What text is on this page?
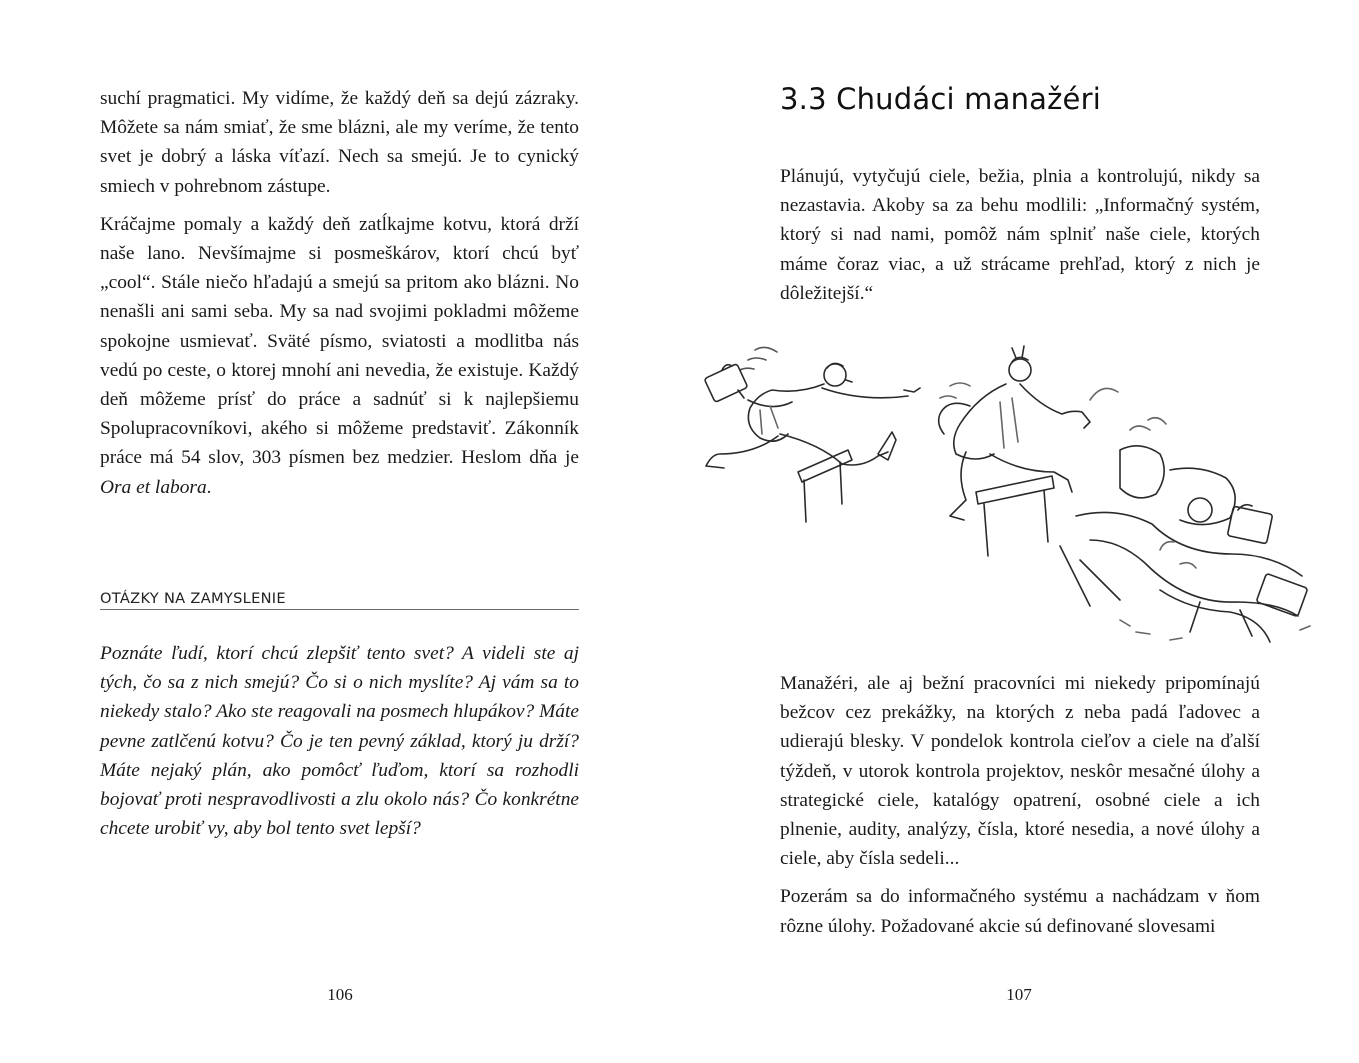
suchí pragmatici. My vidíme, že každý deň sa dejú zázraky. Môžete sa nám smiať, že sme blázni, ale my veríme, že tento svet je dobrý a láska víťazí. Nech sa smejú. Je to cynický smiech v pohrebnom zástupe.

Kráčajme pomaly a každý deň zatĺkajme kotvu, ktorá drží naše lano. Nevšímajme si posmeškárov, ktorí chcú byť „cool“. Stále niečo hľadajú a smejú sa pritom ako blázni. No nenašli ani sami seba. My sa nad svojimi pokladmi môžeme spokojne usmievať. Sväté písmo, sviatosti a modlitba nás vedú po ceste, o ktorej mnohí ani nevedia, že existuje. Každý deň môžeme prísť do práce a sadnúť si k najlepšiemu Spolupracovníkovi, akého si môžeme predstaviť. Zákonník práce má 54 slov, 303 písmen bez medzier. Heslom dňa je Ora et labora.

OTÁZKY NA ZAMYSLENIE

Poznáte ľudí, ktorí chcú zlepšiť tento svet? A videli ste aj tých, čo sa z nich smejú? Čo si o nich myslíte? Aj vám sa to niekedy stalo? Ako ste reagovali na posmech hlupákov? Máte pevne zatlčenú kotvu? Čo je ten pevný základ, ktorý ju drží? Máte nejaký plán, ako pomôcť ľuďom, ktorí sa rozhodli bojovať proti nespravodlivosti a zlu okolo nás? Čo konkrétne chcete urobiť vy, aby bol tento svet lepší?

106
3.3 Chudáci manažéri

Plánujú, vytyčujú ciele, bežia, plnia a kontrolujú, nikdy sa nezastavia. Akoby sa za behu modlili: „Informačný systém, ktorý si nad nami, pomôž nám splniť naše ciele, ktorých máme čoraz viac, a už strácame prehľad, ktorý z nich je dôležitejší.“

Manažéri, ale aj bežní pracovníci mi niekedy pripomínajú bežcov cez prekážky, na ktorých z neba padá ľadovec a udierajú blesky. V pondelok kontrola cieľov a ciele na ďalší týždeň, v utorok kontrola projektov, neskôr mesačné úlohy a strategické ciele, katalógy opatrení, osobné ciele a ich plnenie, audity, analýzy, čísla, ktoré nesedia, a nové úlohy a ciele, aby čísla sedeli...

Pozerám sa do informačného systému a nachádzam v ňom rôzne úlohy. Požadované akcie sú definované slovesami

107
